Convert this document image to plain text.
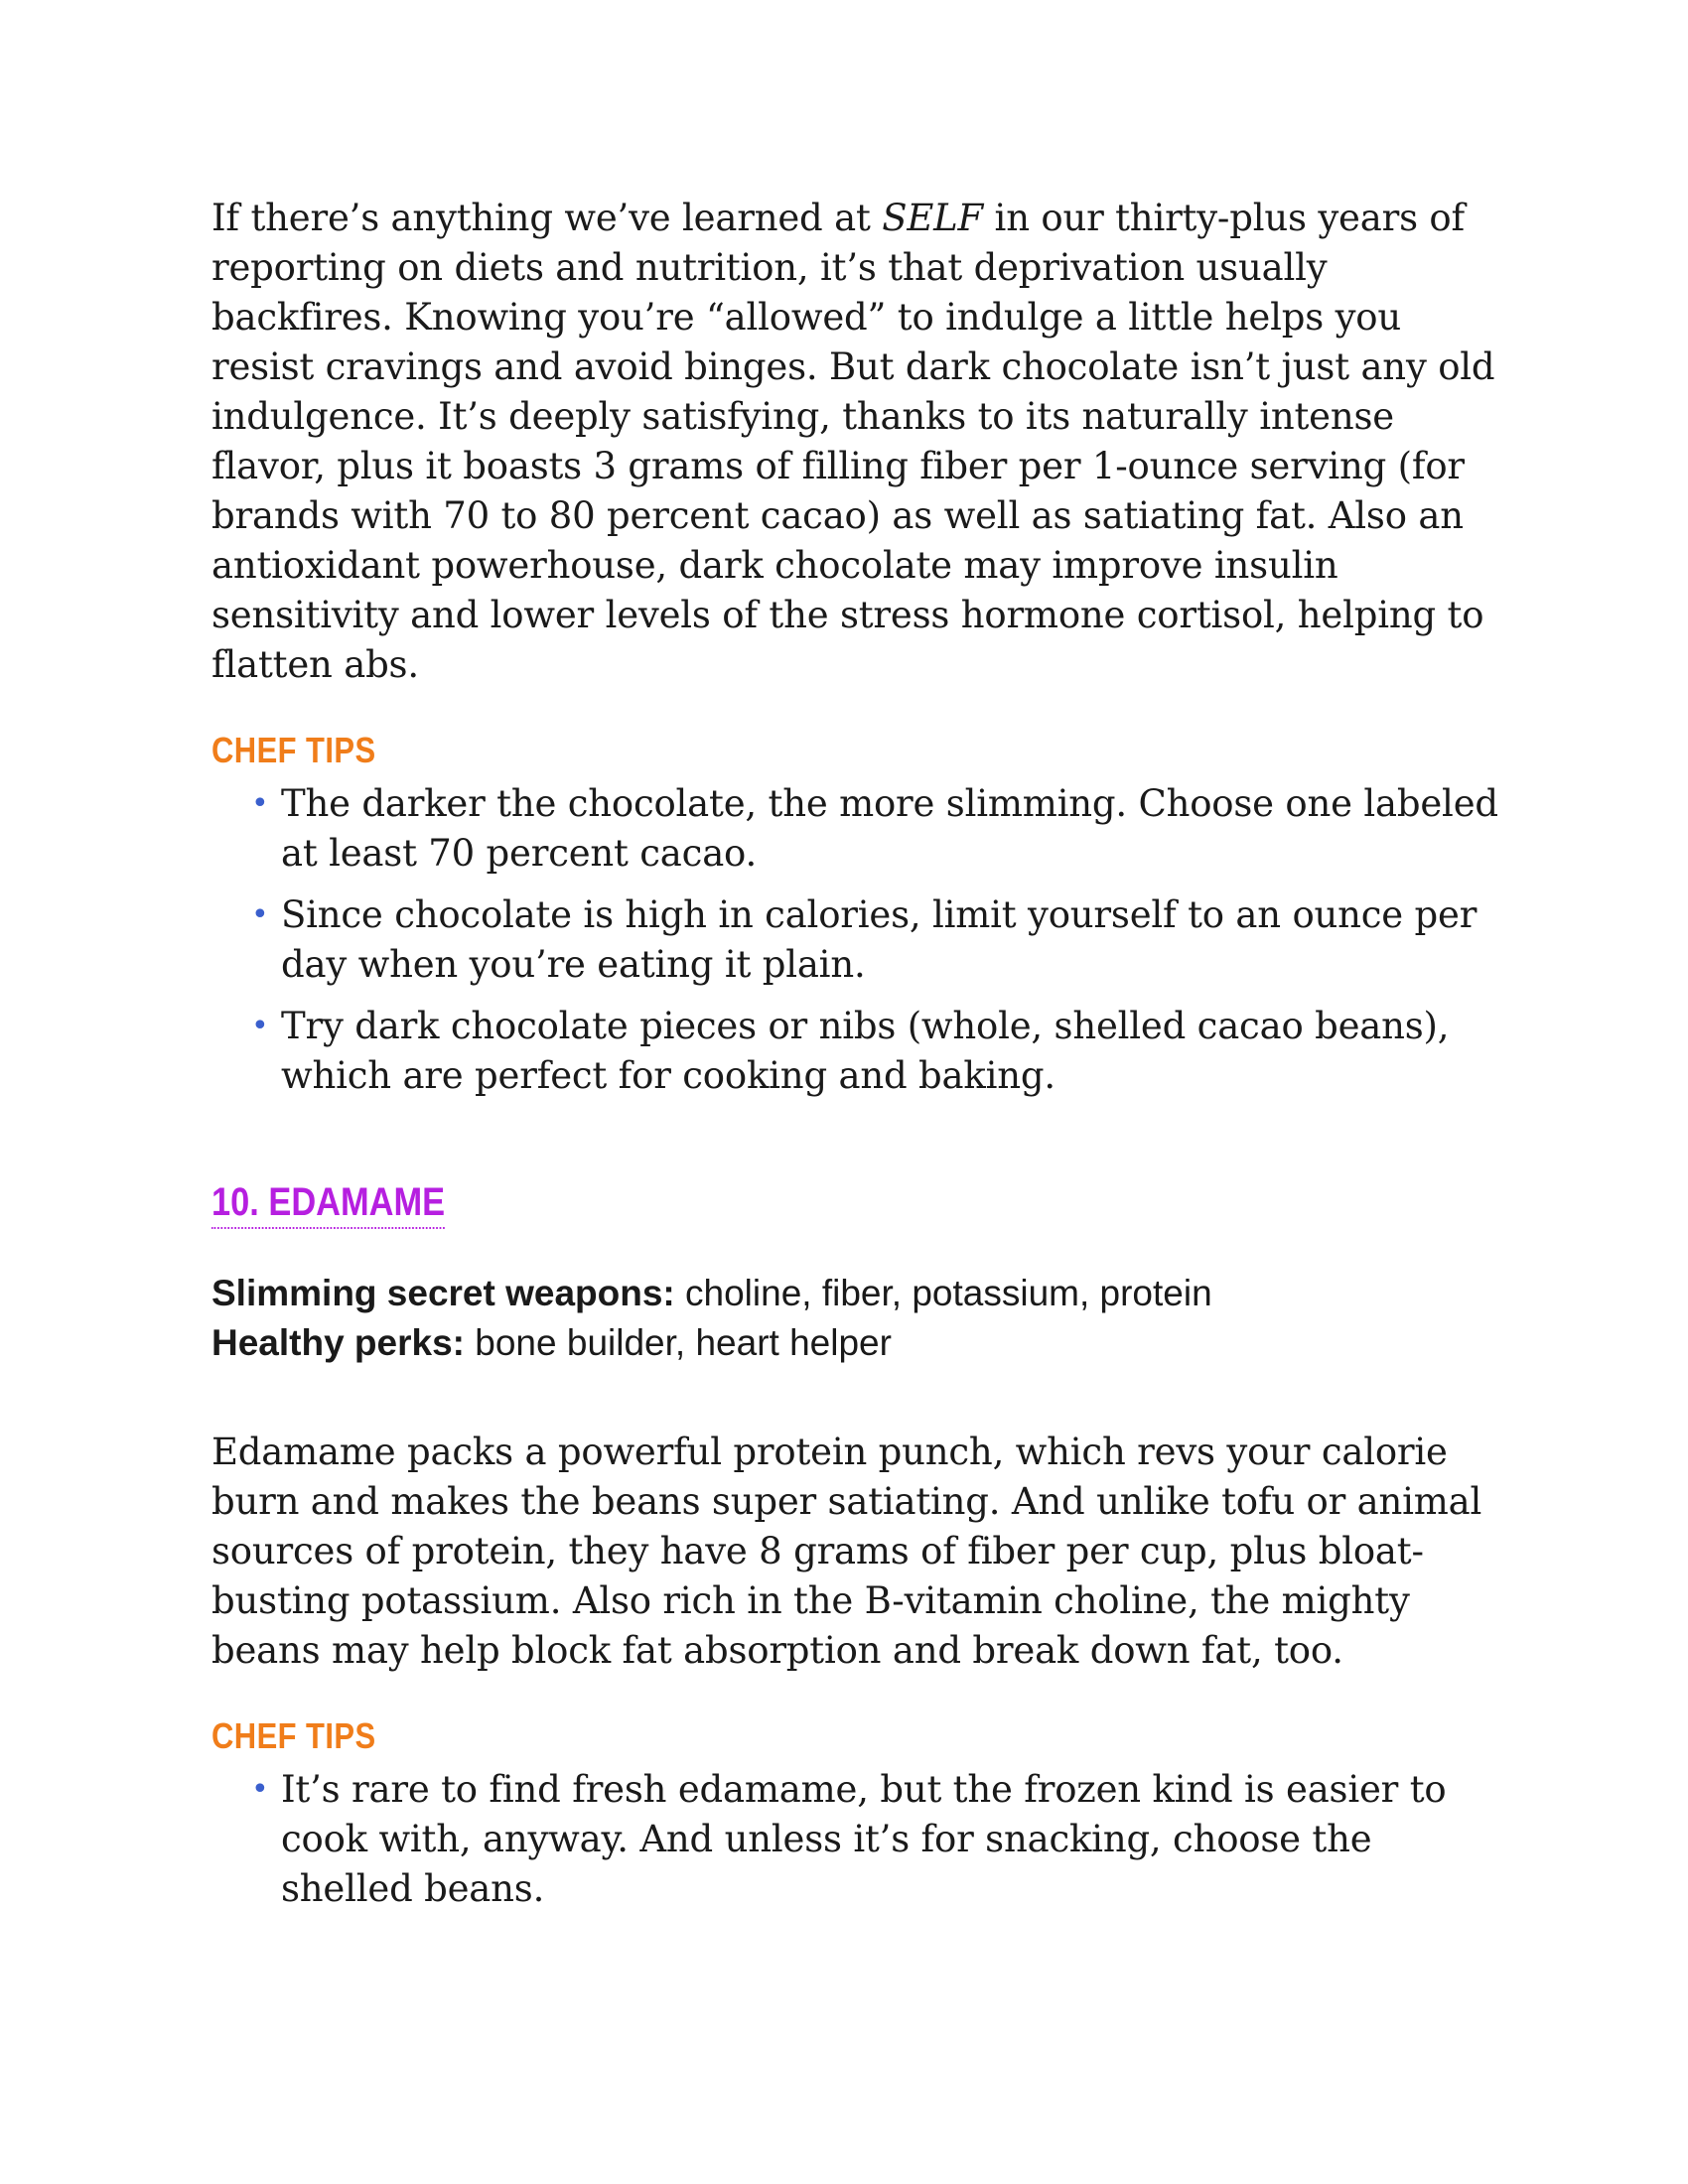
If there’s anything we’ve learned at SELF in our thirty-plus years of reporting on diets and nutrition, it’s that deprivation usually backfires. Knowing you’re “allowed” to indulge a little helps you resist cravings and avoid binges. But dark chocolate isn’t just any old indulgence. It’s deeply satisfying, thanks to its naturally intense flavor, plus it boasts 3 grams of filling fiber per 1-ounce serving (for brands with 70 to 80 percent cacao) as well as satiating fat. Also an antioxidant powerhouse, dark chocolate may improve insulin sensitivity and lower levels of the stress hormone cortisol, helping to flatten abs.

CHEF TIPS
• The darker the chocolate, the more slimming. Choose one labeled at least 70 percent cacao.
• Since chocolate is high in calories, limit yourself to an ounce per day when you’re eating it plain.
• Try dark chocolate pieces or nibs (whole, shelled cacao beans), which are perfect for cooking and baking.
10. EDAMAME
Slimming secret weapons: choline, fiber, potassium, protein
Healthy perks: bone builder, heart helper

Edamame packs a powerful protein punch, which revs your calorie burn and makes the beans super satiating. And unlike tofu or animal sources of protein, they have 8 grams of fiber per cup, plus bloat-busting potassium. Also rich in the B-vitamin choline, the mighty beans may help block fat absorption and break down fat, too.

CHEF TIPS
• It’s rare to find fresh edamame, but the frozen kind is easier to cook with, anyway. And unless it’s for snacking, choose the shelled beans.
